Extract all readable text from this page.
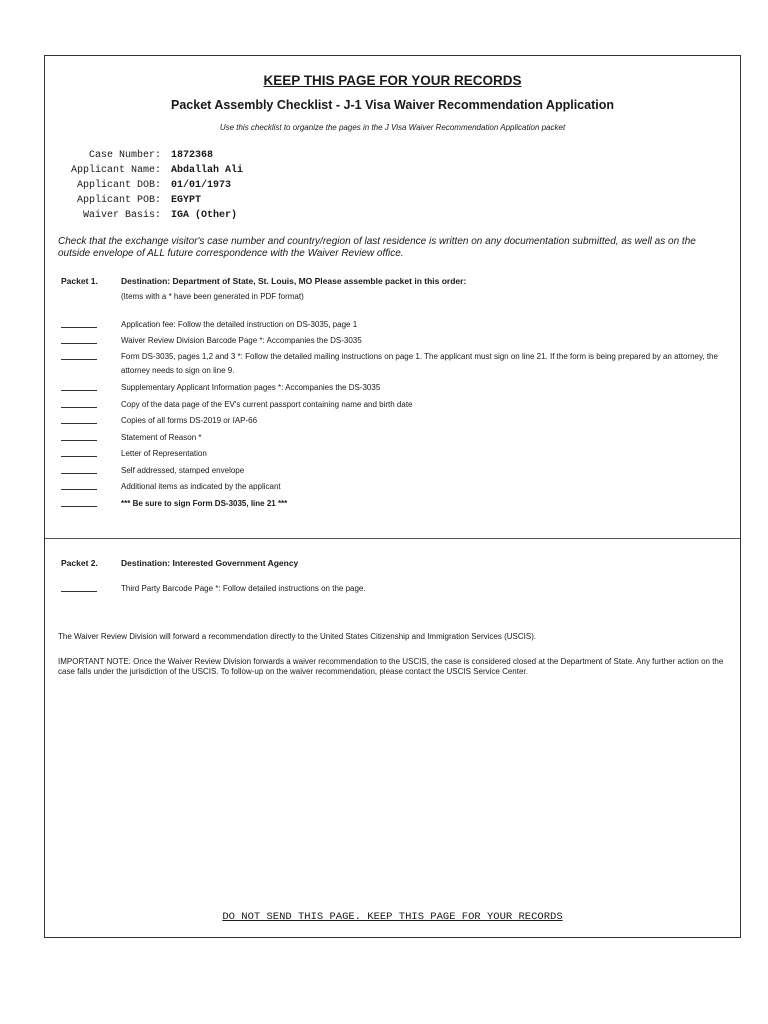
KEEP THIS PAGE FOR YOUR RECORDS
Packet Assembly Checklist - J-1 Visa Waiver Recommendation Application
Use this checklist to organize the pages in the J Visa Waiver Recommendation Application packet
Case Number: 1872368
Applicant Name: Abdallah Ali
Applicant DOB: 01/01/1973
Applicant POB: EGYPT
Waiver Basis: IGA (Other)
Check that the exchange visitor's case number and country/region of last residence is written on any documentation submitted, as well as on the outside envelope of ALL future correspondence with the Waiver Review office.
Packet 1.	Destination: Department of State, St. Louis, MO Please assemble packet in this order:
(Items with a * have been generated in PDF format)
Application fee: Follow the detailed instruction on DS-3035, page 1
Waiver Review Division Barcode Page *: Accompanies the DS-3035
Form DS-3035, pages 1,2 and 3 *: Follow the detailed mailing instructions on page 1. The applicant must sign on line 21. If the form is being prepared by an attorney, the attorney needs to sign on line 9.
Supplementary Applicant Information pages *: Accompanies the DS-3035
Copy of the data page of the EV's current passport containing name and birth date
Copies of all forms DS-2019 or IAP-66
Statement of Reason *
Letter of Representation
Self addressed, stamped envelope
Additional items as indicated by the applicant
*** Be sure to sign Form DS-3035, line 21 ***
Packet 2.	Destination: Interested Government Agency
Third Party Barcode Page *: Follow detailed instructions on the page.
The Waiver Review Division will forward a recommendation directly to the United States Citizenship and Immigration Services (USCIS).
IMPORTANT NOTE: Once the Waiver Review Division forwards a waiver recommendation to the USCIS, the case is considered closed at the Department of State. Any further action on the case falls under the jurisdiction of the USCIS. To follow-up on the waiver recommendation, please contact the USCIS Service Center.
DO NOT SEND THIS PAGE. KEEP THIS PAGE FOR YOUR RECORDS
